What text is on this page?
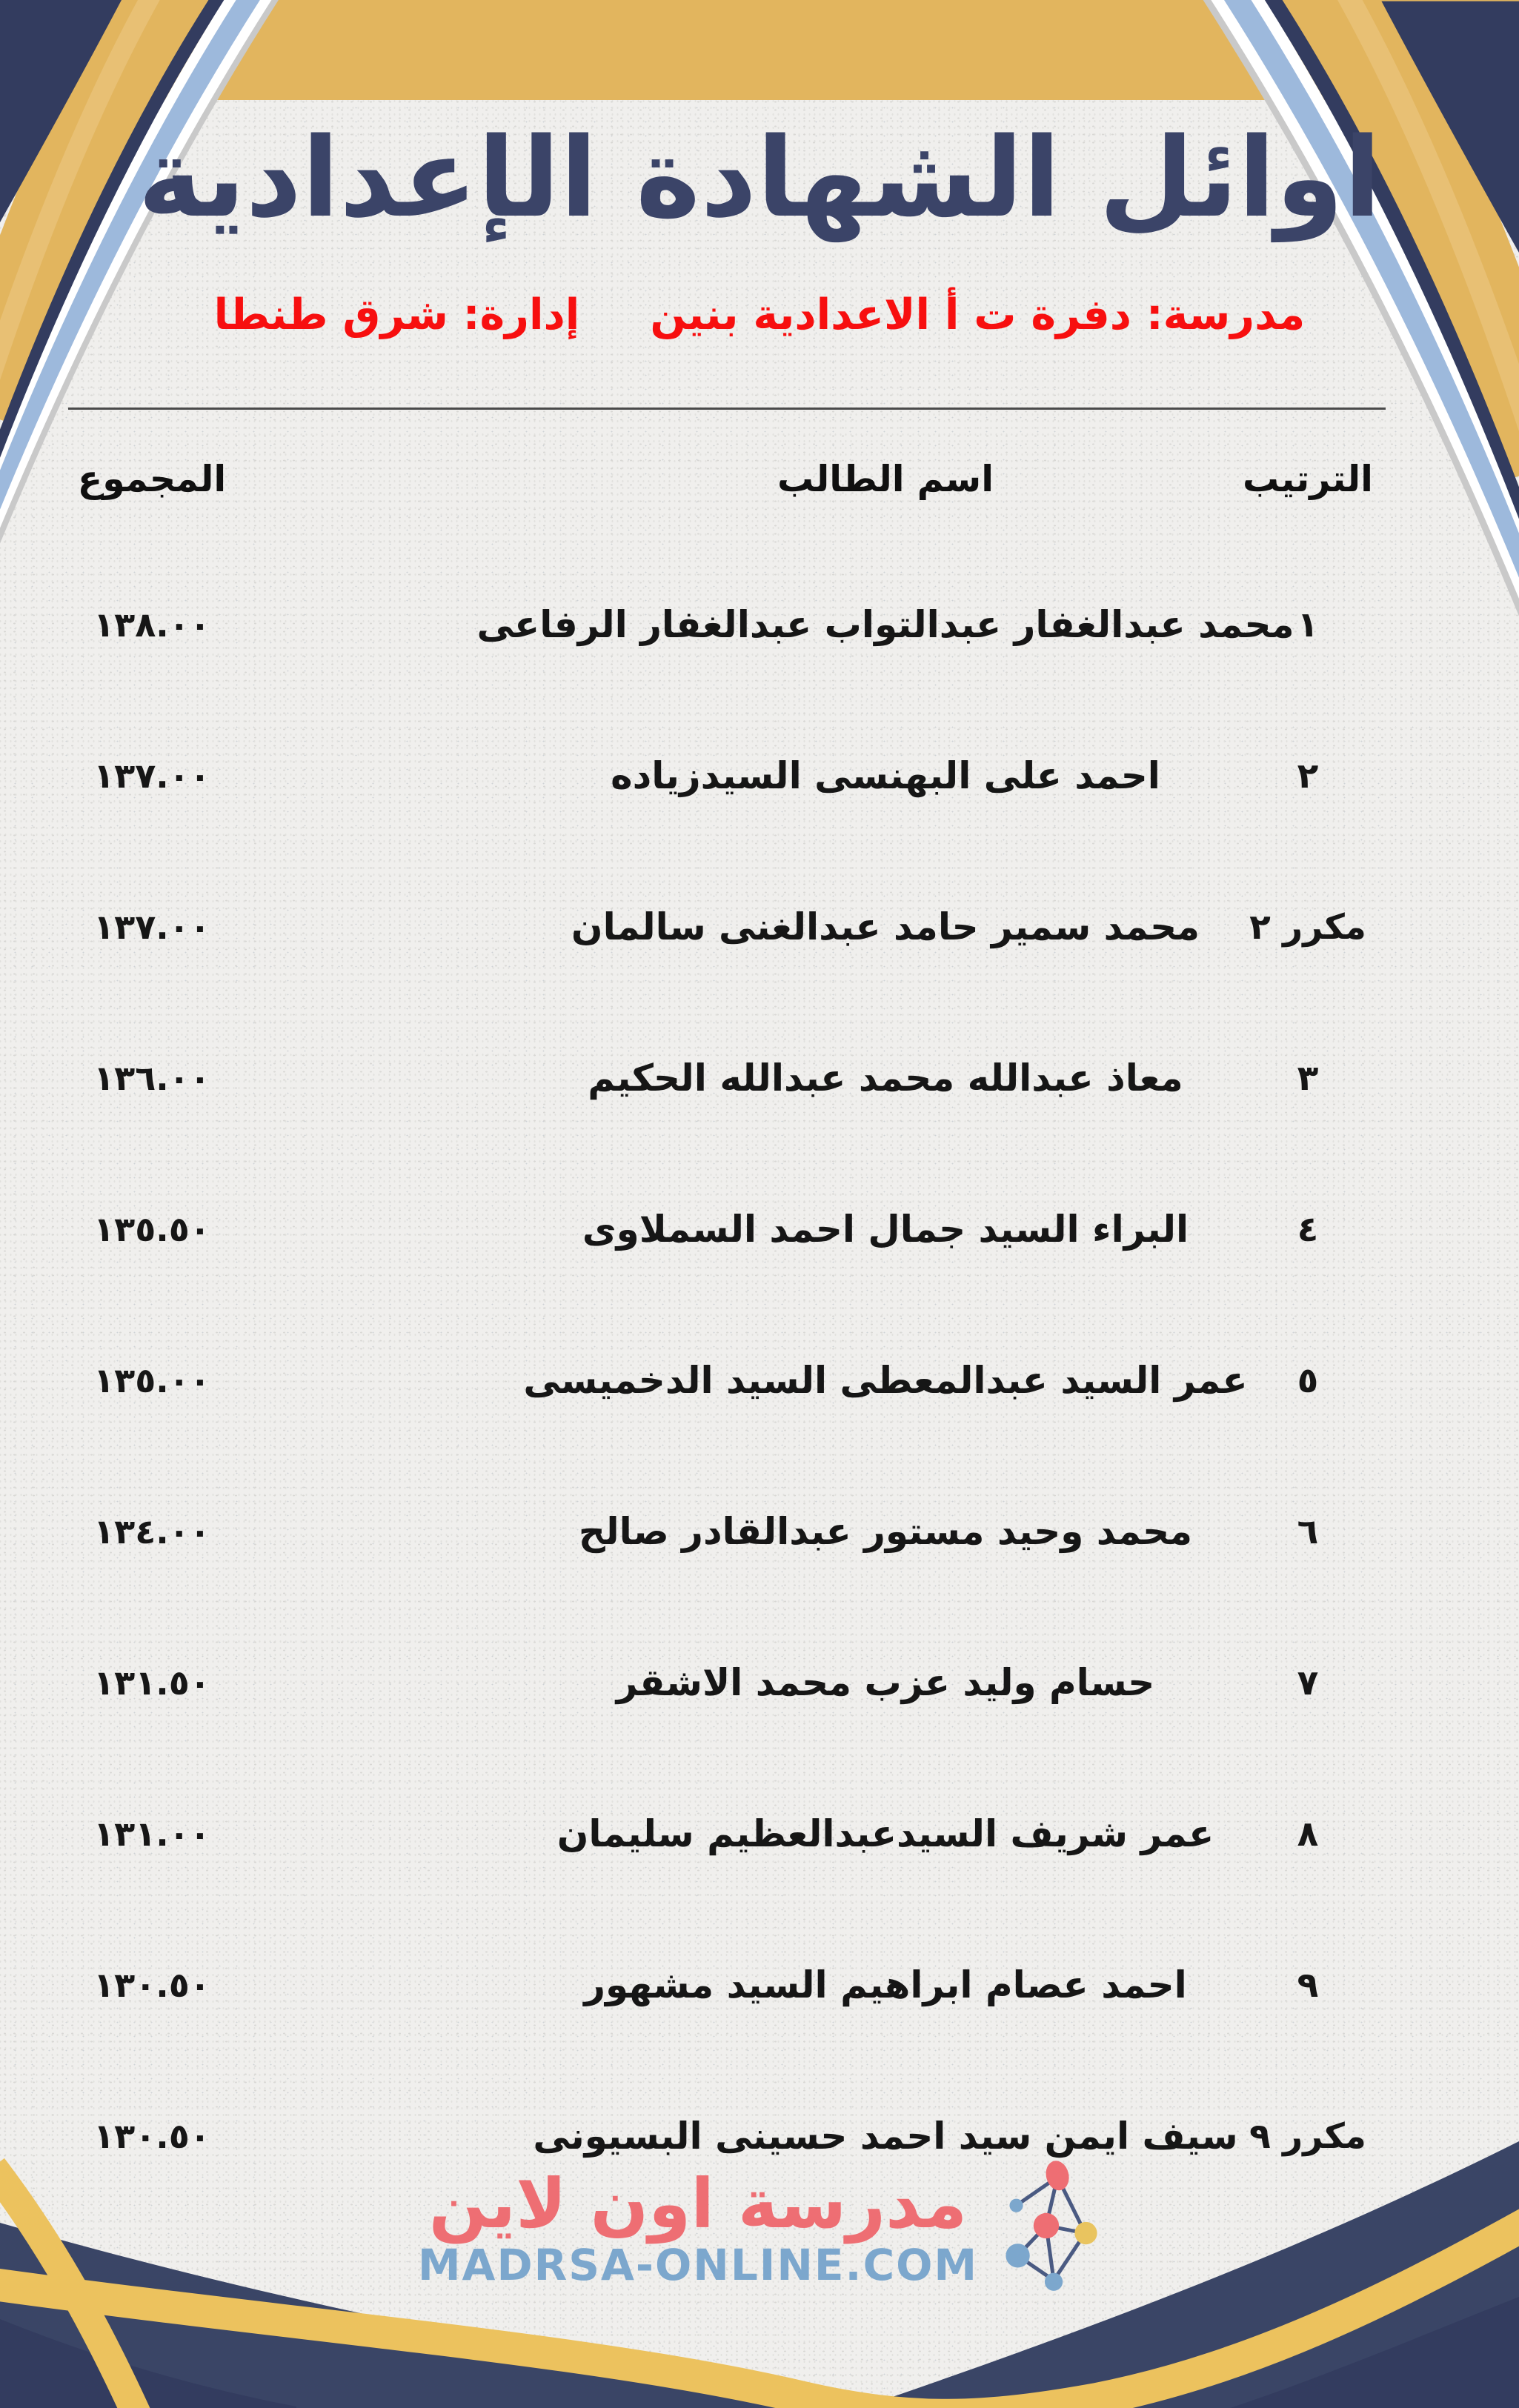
اوائل الشهادة الإعدادية
مدرسة: دفرة ت أ الاعدادية بنينإدارة: شرق طنطا
الترتيب
اسم الطالب
المجموع
١
محمد عبدالغفار عبدالتواب عبدالغفار الرفاعى
١٣٨.٠٠
٢
احمد على البهنسى السيدزياده
١٣٧.٠٠
مكرر ٢
محمد سمير حامد عبدالغنى سالمان
١٣٧.٠٠
٣
معاذ عبدالله محمد عبدالله الحكيم
١٣٦.٠٠
٤
البراء السيد جمال احمد السملاوى
١٣٥.٥٠
٥
عمر السيد عبدالمعطى السيد الدخميسى
١٣٥.٠٠
٦
محمد وحيد مستور عبدالقادر صالح
١٣٤.٠٠
٧
حسام وليد عزب محمد الاشقر
١٣١.٥٠
٨
عمر شريف السيدعبدالعظيم سليمان
١٣١.٠٠
٩
احمد عصام ابراهيم السيد مشهور
١٣٠.٥٠
مكرر ٩
سيف ايمن سيد احمد حسينى البسيونى
١٣٠.٥٠
مدرسة اون لاين
MADRSA-ONLINE.COM
